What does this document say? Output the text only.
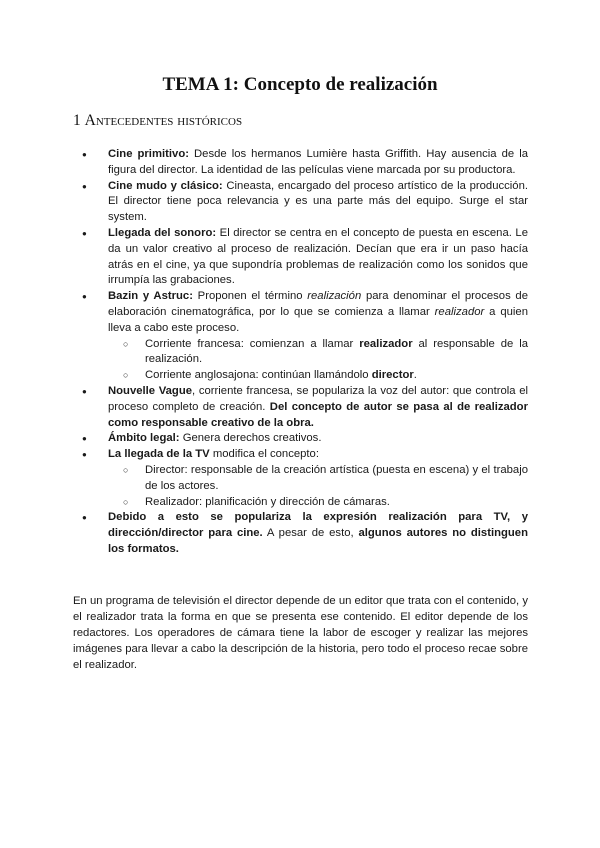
TEMA 1: Concepto de realización
1 Antecedentes históricos
● Cine primitivo: Desde los hermanos Lumière hasta Griffith. Hay ausencia de la figura del director. La identidad de las películas viene marcada por su productora.
● Cine mudo y clásico: Cineasta, encargado del proceso artístico de la producción. El director tiene poca relevancia y es una parte más del equipo. Surge el star system.
● Llegada del sonoro: El director se centra en el concepto de puesta en escena. Le da un valor creativo al proceso de realización. Decían que era ir un paso hacía atrás en el cine, ya que supondría problemas de realización como los sonidos que irrumpía las grabaciones.
● Bazin y Astruc: Proponen el término realización para denominar el procesos de elaboración cinematográfica, por lo que se comienza a llamar realizador a quien lleva a cabo este proceso.
○ Corriente francesa: comienzan a llamar realizador al responsable de la realización.
○ Corriente anglosajona: continúan llamándolo director.
● Nouvelle Vague, corriente francesa, se populariza la voz del autor: que controla el proceso completo de creación. Del concepto de autor se pasa al de realizador como responsable creativo de la obra.
● Ámbito legal: Genera derechos creativos.
● La llegada de la TV modifica el concepto:
○ Director: responsable de la creación artística (puesta en escena) y el trabajo de los actores.
○ Realizador: planificación y dirección de cámaras.
● Debido a esto se populariza la expresión realización para TV, y dirección/director para cine. A pesar de esto, algunos autores no distinguen los formatos.
En un programa de televisión el director depende de un editor que trata con el contenido, y el realizador trata la forma en que se presenta ese contenido. El editor depende de los redactores. Los operadores de cámara tiene la labor de escoger y realizar las mejores imágenes para llevar a cabo la descripción de la historia, pero todo el proceso recae sobre el realizador.
